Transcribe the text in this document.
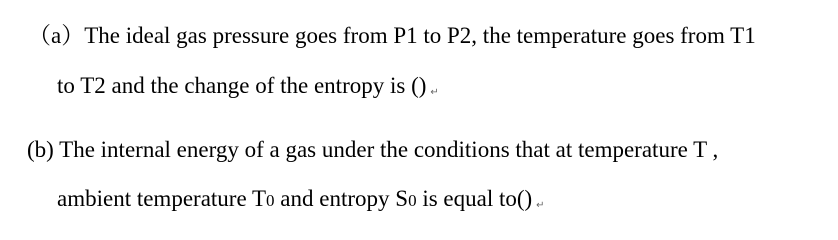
（a）The ideal gas pressure goes from P1 to P2, the temperature goes from T1
to T2 and the change of the entropy is () ↵
(b) The internal energy of a gas under the conditions that at temperature T ,
ambient temperature T0 and entropy S0 is equal to() ↵
